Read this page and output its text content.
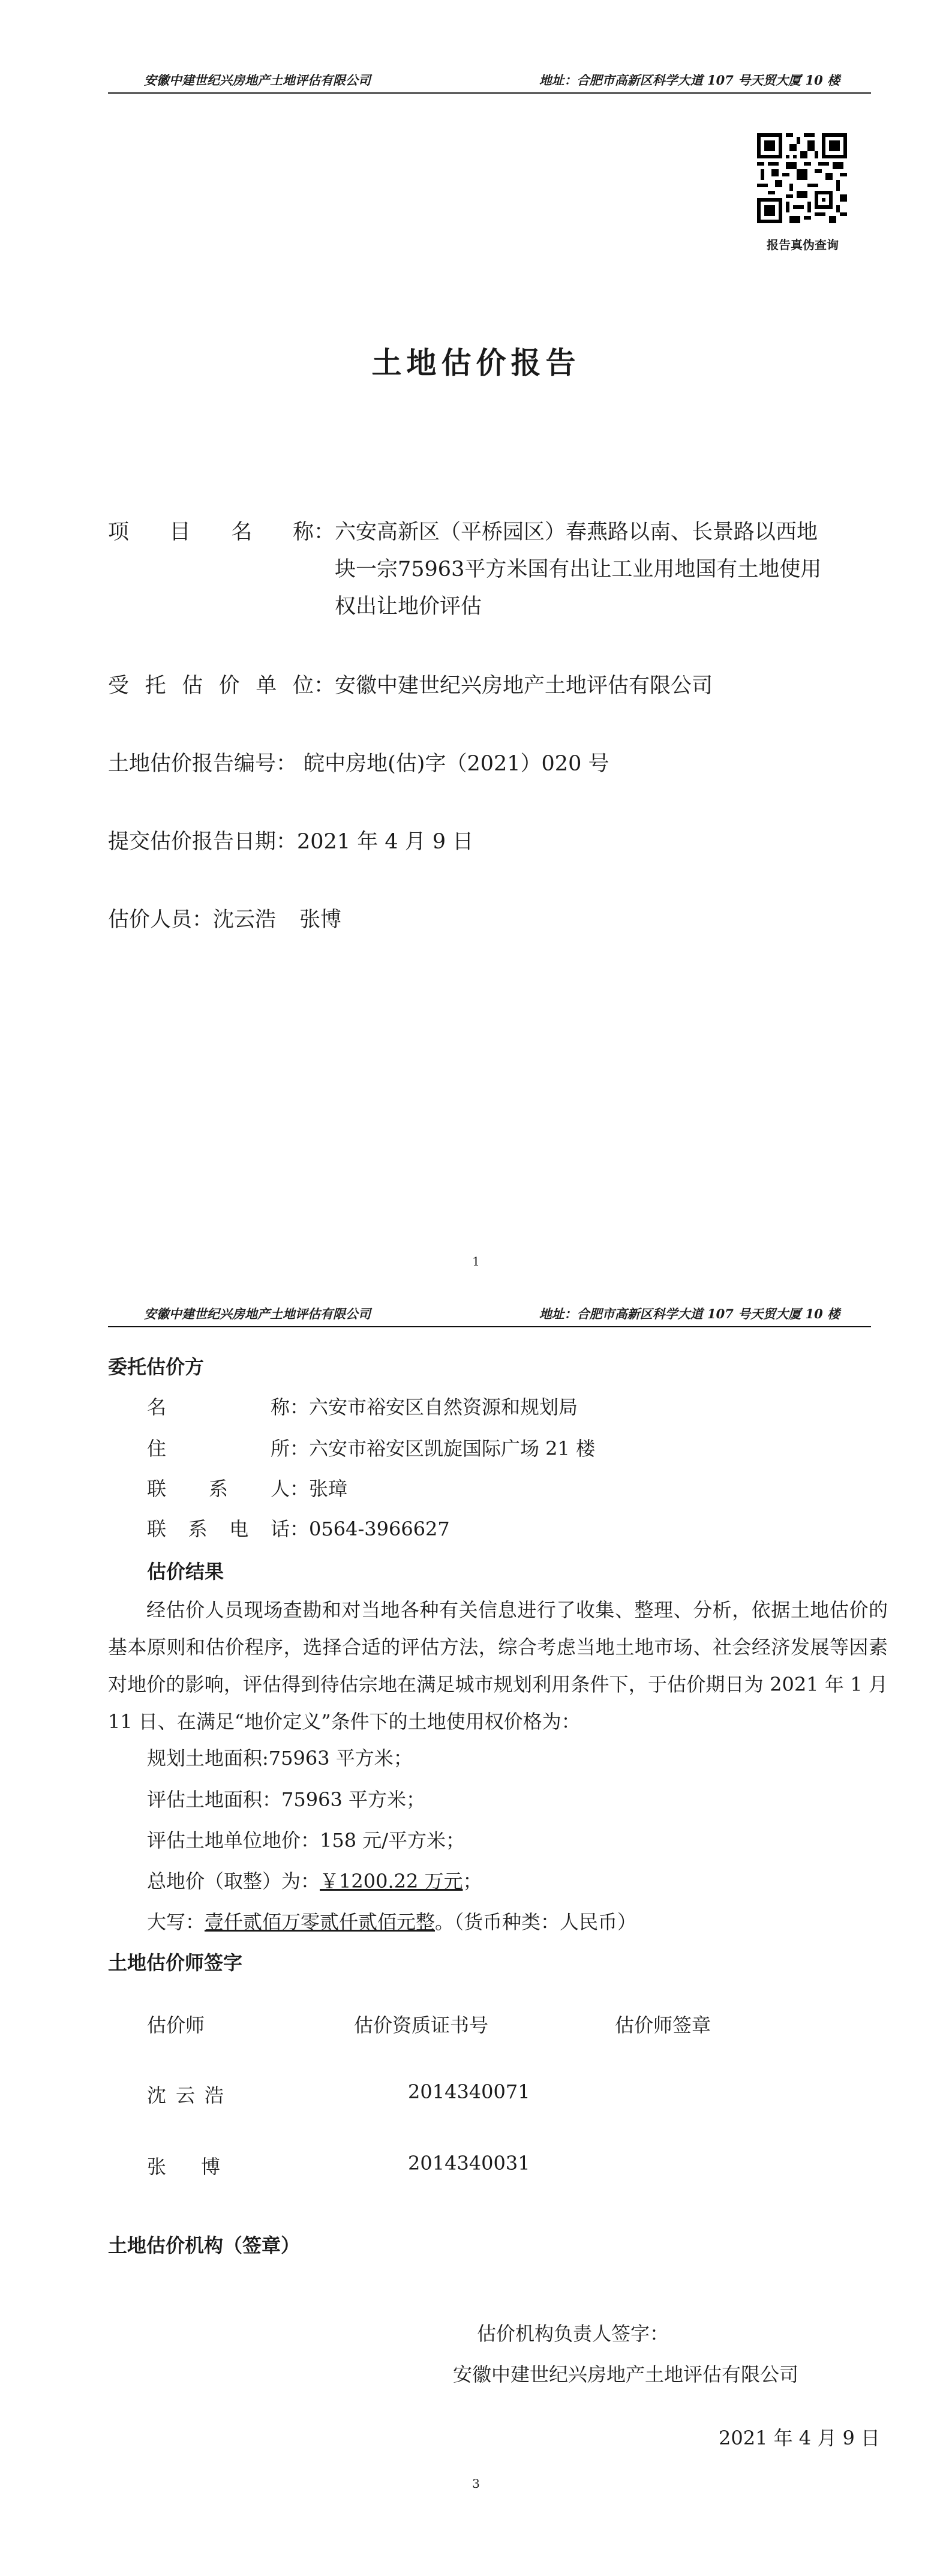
安徽中建世纪兴房地产土地评估有限公司	地址：合肥市高新区科学大道 107 号天贸大厦 10 楼
报告真伪查询
土地估价报告
项目名称： 六安高新区（平桥园区）春燕路以南、长景路以西地
块一宗75963平方米国有出让工业用地国有土地使用
权出让地价评估
受托估价单位：安徽中建世纪兴房地产土地评估有限公司
土地估价报告编号： 皖中房地(估)字（2021）020 号
提交估价报告日期：2021 年 4 月 9 日
估价人员：沈云浩 张博
1
安徽中建世纪兴房地产土地评估有限公司	地址：合肥市高新区科学大道 107 号天贸大厦 10 楼
委托估价方
名称：六安市裕安区自然资源和规划局
住所：六安市裕安区凯旋国际广场 21 楼
联系人：张璋
联系电话：0564-3966627
估价结果
经估价人员现场查勘和对当地各种有关信息进行了收集、整理、分析，依据土地估价的基本原则和估价程序，选择合适的评估方法，综合考虑当地土地市场、社会经济发展等因素对地价的影响，评估得到待估宗地在满足城市规划利用条件下，于估价期日为 2021 年 1 月 11 日、在满足“地价定义”条件下的土地使用权价格为：
规划土地面积:75963 平方米；
评估土地面积：75963 平方米；
评估土地单位地价：158 元/平方米；
总地价（取整）为：￥1200.22 万元；
大写：壹仟贰佰万零贰仟贰佰元整。（货币种类：人民币）
土地估价师签字
估价师	估价资质证书号	估价师签章
沈云浩	2014340071
张博	2014340031
土地估价机构（签章）
估价机构负责人签字：
安徽中建世纪兴房地产土地评估有限公司
2021 年 4 月 9 日
3
